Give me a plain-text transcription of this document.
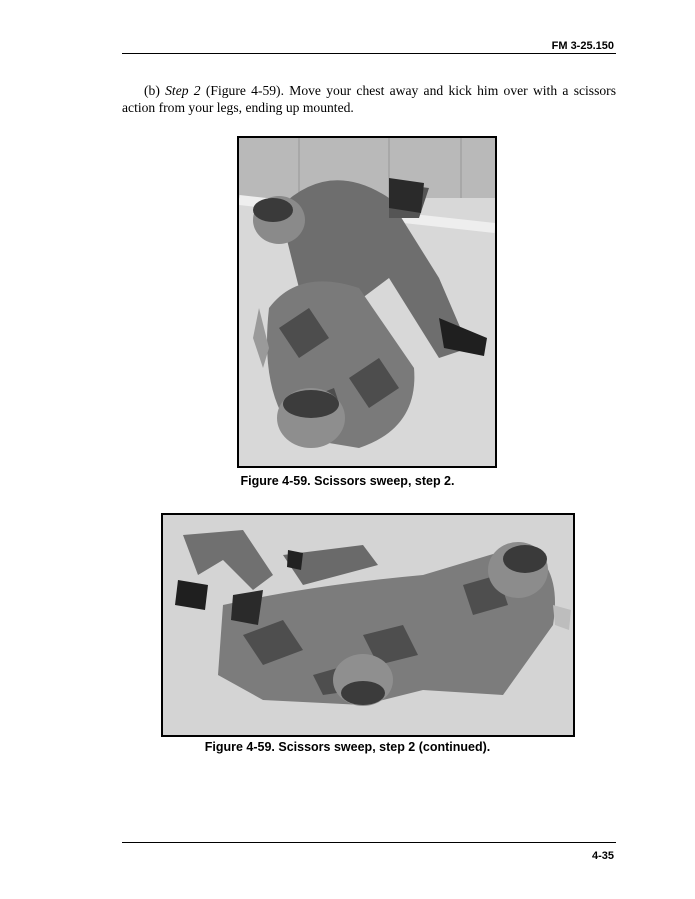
FM 3-25.150

(b) Step 2 (Figure 4-59). Move your chest away and kick him over with a scissors action from your legs, ending up mounted.

Figure 4-59. Scissors sweep, step 2.
Figure 4-59. Scissors sweep, step 2 (continued).
4-35
